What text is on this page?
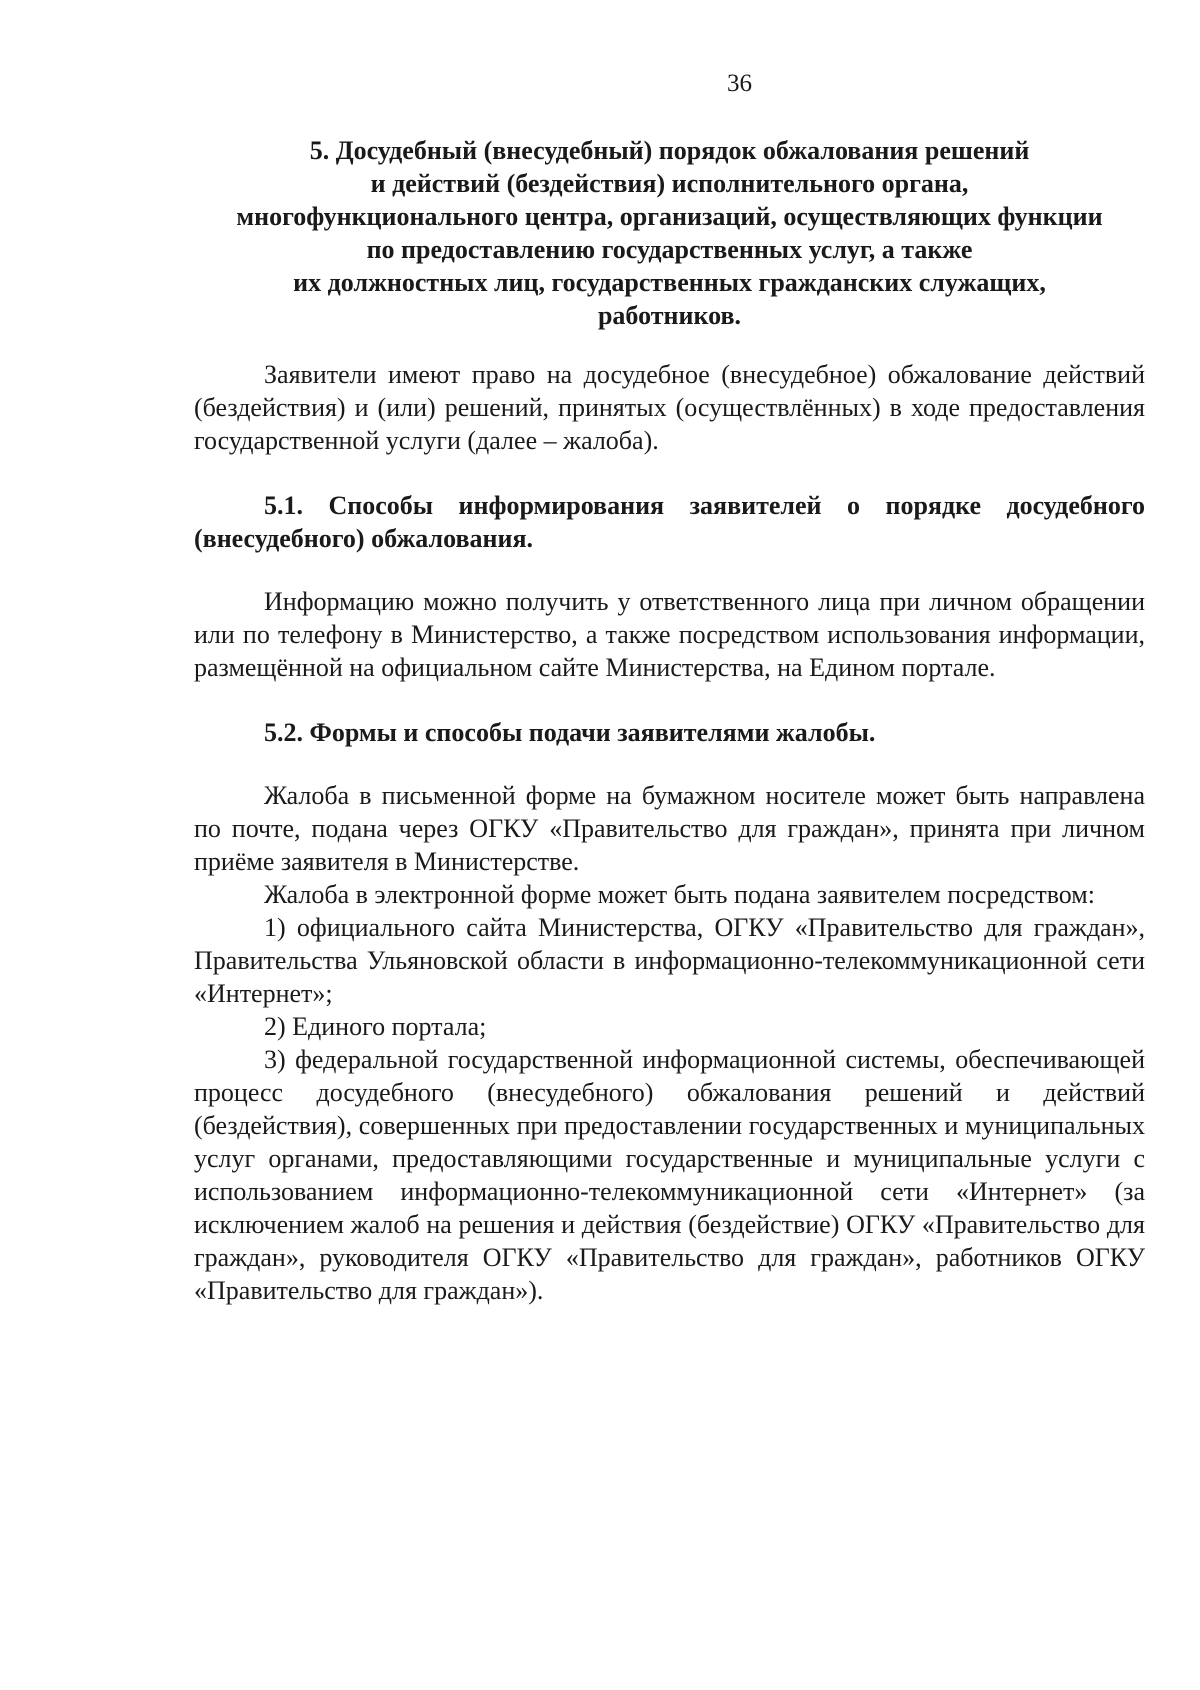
36
5. Досудебный (внесудебный) порядок обжалования решений
и действий (бездействия) исполнительного органа,
многофункционального центра, организаций, осуществляющих функции
по предоставлению государственных услуг, а также
их должностных лиц, государственных гражданских служащих,
работников.

Заявители имеют право на досудебное (внесудебное) обжалование действий (бездействия) и (или) решений, принятых (осуществлённых) в ходе предоставления государственной услуги (далее – жалоба).

5.1. Способы информирования заявителей о порядке досудебного (внесудебного) обжалования.

Информацию можно получить у ответственного лица при личном обращении или по телефону в Министерство, а также посредством использования информации, размещённой на официальном сайте Министерства, на Едином портале.

5.2. Формы и способы подачи заявителями жалобы.

Жалоба в письменной форме на бумажном носителе может быть направлена по почте, подана через ОГКУ «Правительство для граждан», принята при личном приёме заявителя в Министерстве.

Жалоба в электронной форме может быть подана заявителем посредством:

1) официального сайта Министерства, ОГКУ «Правительство для граждан», Правительства Ульяновской области в информационно-телекоммуникационной сети «Интернет»;

2) Единого портала;

3) федеральной государственной информационной системы, обеспечивающей процесс досудебного (внесудебного) обжалования решений и действий (бездействия), совершенных при предоставлении государственных и муниципальных услуг органами, предоставляющими государственные и муниципальные услуги с использованием информационно-телекоммуникационной сети «Интернет» (за исключением жалоб на решения и действия (бездействие) ОГКУ «Правительство для граждан», руководителя ОГКУ «Правительство для граждан», работников ОГКУ «Правительство для граждан»).
